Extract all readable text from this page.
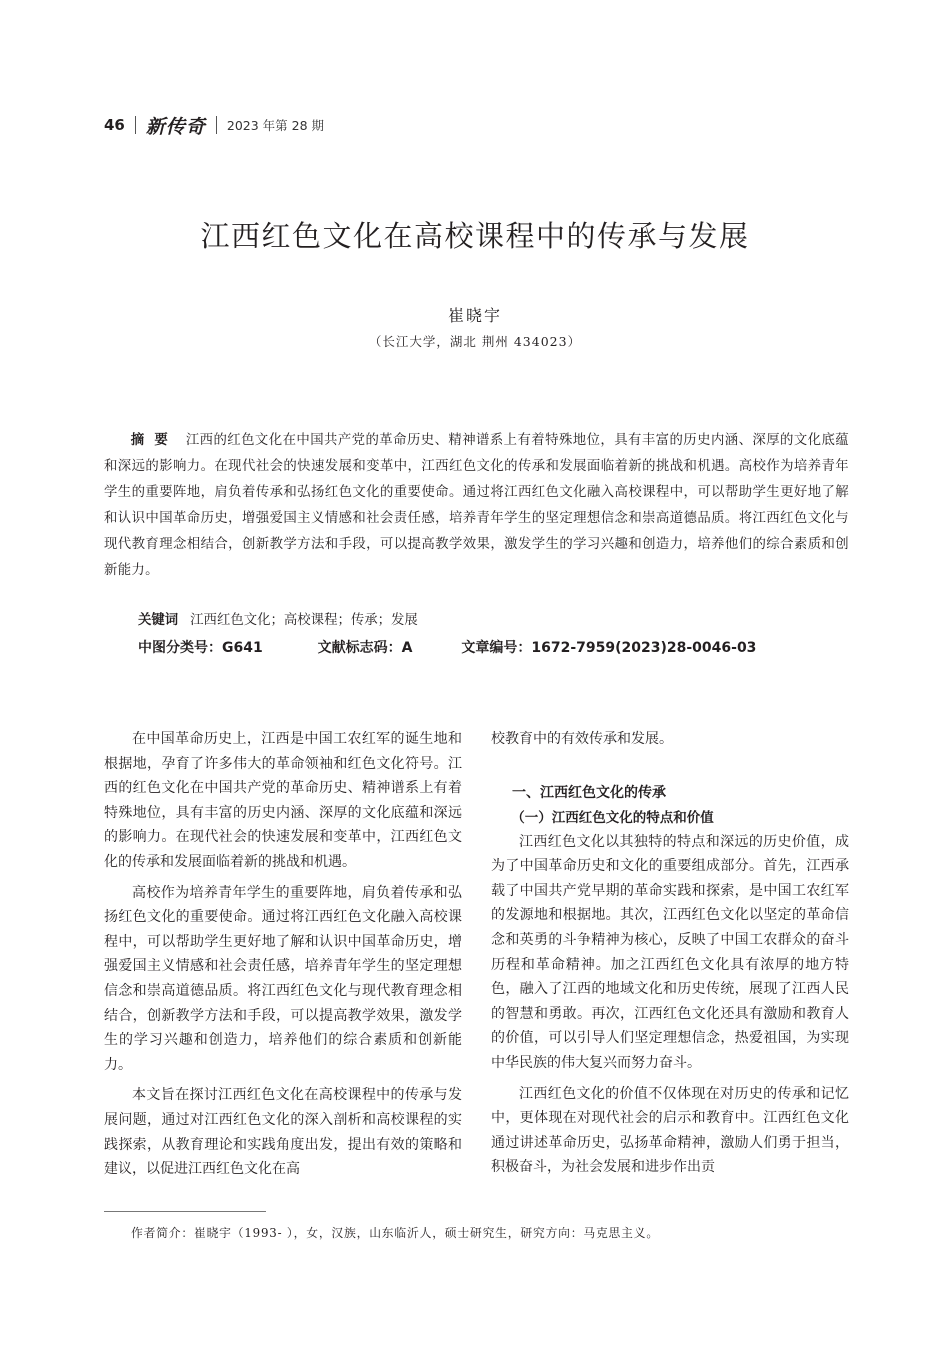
46 新传奇 2023 年第 28 期
江西红色文化在高校课程中的传承与发展
崔晓宇
（长江大学，湖北 荆州 434023）

摘要 江西的红色文化在中国共产党的革命历史、精神谱系上有着特殊地位，具有丰富的历史内涵、深厚的文化底蕴和深远的影响力。在现代社会的快速发展和变革中，江西红色文化的传承和发展面临着新的挑战和机遇。高校作为培养青年学生的重要阵地，肩负着传承和弘扬红色文化的重要使命。通过将江西红色文化融入高校课程中，可以帮助学生更好地了解和认识中国革命历史，增强爱国主义情感和社会责任感，培养青年学生的坚定理想信念和崇高道德品质。将江西红色文化与现代教育理念相结合，创新教学方法和手段，可以提高教学效果，激发学生的学习兴趣和创造力，培养他们的综合素质和创新能力。

关键词 江西红色文化；高校课程；传承；发展
中图分类号：G641	文献标志码：A	文章编号：1672-7959(2023)28-0046-03

在中国革命历史上，江西是中国工农红军的诞生地和根据地，孕育了许多伟大的革命领袖和红色文化符号。江西的红色文化在中国共产党的革命历史、精神谱系上有着特殊地位，具有丰富的历史内涵、深厚的文化底蕴和深远的影响力。在现代社会的快速发展和变革中，江西红色文化的传承和发展面临着新的挑战和机遇。

高校作为培养青年学生的重要阵地，肩负着传承和弘扬红色文化的重要使命。通过将江西红色文化融入高校课程中，可以帮助学生更好地了解和认识中国革命历史，增强爱国主义情感和社会责任感，培养青年学生的坚定理想信念和崇高道德品质。将江西红色文化与现代教育理念相结合，创新教学方法和手段，可以提高教学效果，激发学生的学习兴趣和创造力，培养他们的综合素质和创新能力。

本文旨在探讨江西红色文化在高校课程中的传承与发展问题，通过对江西红色文化的深入剖析和高校课程的实践探索，从教育理论和实践角度出发，提出有效的策略和建议，以促进江西红色文化在高

校教育中的有效传承和发展。

一、江西红色文化的传承

（一）江西红色文化的特点和价值

江西红色文化以其独特的特点和深远的历史价值，成为了中国革命历史和文化的重要组成部分。首先，江西承载了中国共产党早期的革命实践和探索，是中国工农红军的发源地和根据地。其次，江西红色文化以坚定的革命信念和英勇的斗争精神为核心，反映了中国工农群众的奋斗历程和革命精神。加之江西红色文化具有浓厚的地方特色，融入了江西的地域文化和历史传统，展现了江西人民的智慧和勇敢。再次，江西红色文化还具有激励和教育人的价值，可以引导人们坚定理想信念，热爱祖国，为实现中华民族的伟大复兴而努力奋斗。

江西红色文化的价值不仅体现在对历史的传承和记忆中，更体现在对现代社会的启示和教育中。江西红色文化通过讲述革命历史，弘扬革命精神，激励人们勇于担当，积极奋斗，为社会发展和进步作出贡

作者简介：崔晓宇（1993- ），女，汉族，山东临沂人，硕士研究生，研究方向：马克思主义。
